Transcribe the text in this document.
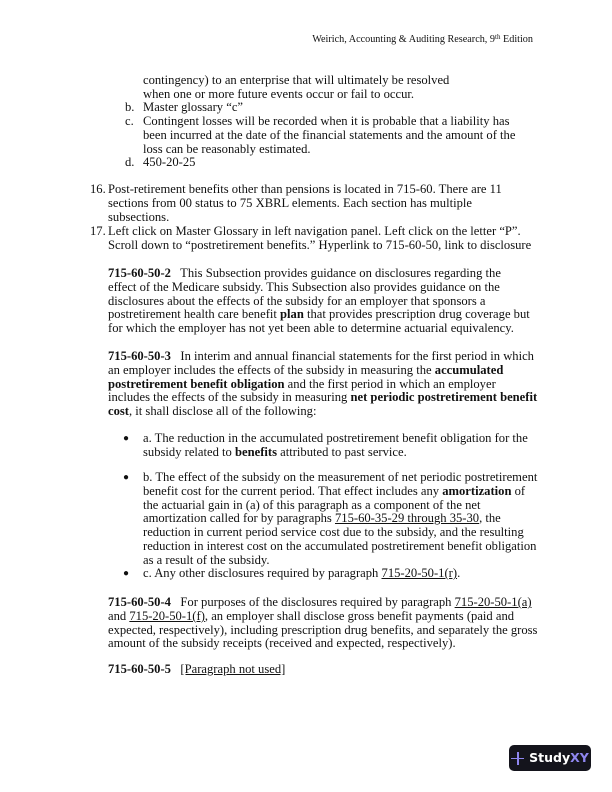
Weirich, Accounting & Auditing Research, 9th Edition
contingency) to an enterprise that will ultimately be resolved when one or more future events occur or fail to occur.
b. Master glossary “c”
c. Contingent losses will be recorded when it is probable that a liability has been incurred at the date of the financial statements and the amount of the loss can be reasonably estimated.
d. 450-20-25
16. Post-retirement benefits other than pensions is located in 715-60. There are 11 sections from 00 status to 75 XBRL elements. Each section has multiple subsections.
17. Left click on Master Glossary in left navigation panel. Left click on the letter “P”. Scroll down to “postretirement benefits.” Hyperlink to 715-60-50, link to disclosure
715-60-50-2   This Subsection provides guidance on disclosures regarding the effect of the Medicare subsidy. This Subsection also provides guidance on the disclosures about the effects of the subsidy for an employer that sponsors a postretirement health care benefit plan that provides prescription drug coverage but for which the employer has not yet been able to determine actuarial equivalency.
715-60-50-3   In interim and annual financial statements for the first period in which an employer includes the effects of the subsidy in measuring the accumulated postretirement benefit obligation and the first period in which an employer includes the effects of the subsidy in measuring net periodic postretirement benefit cost, it shall disclose all of the following:
● a. The reduction in the accumulated postretirement benefit obligation for the subsidy related to benefits attributed to past service.
● b. The effect of the subsidy on the measurement of net periodic postretirement benefit cost for the current period. That effect includes any amortization of the actuarial gain in (a) of this paragraph as a component of the net amortization called for by paragraphs 715-60-35-29 through 35-30, the reduction in current period service cost due to the subsidy, and the resulting reduction in interest cost on the accumulated postretirement benefit obligation as a result of the subsidy.
● c. Any other disclosures required by paragraph 715-20-50-1(r).
715-60-50-4   For purposes of the disclosures required by paragraph 715-20-50-1(a) and 715-20-50-1(f), an employer shall disclose gross benefit payments (paid and expected, respectively), including prescription drug benefits, and separately the gross amount of the subsidy receipts (received and expected, respectively).
715-60-50-5 [Paragraph not used]
StudyXY
